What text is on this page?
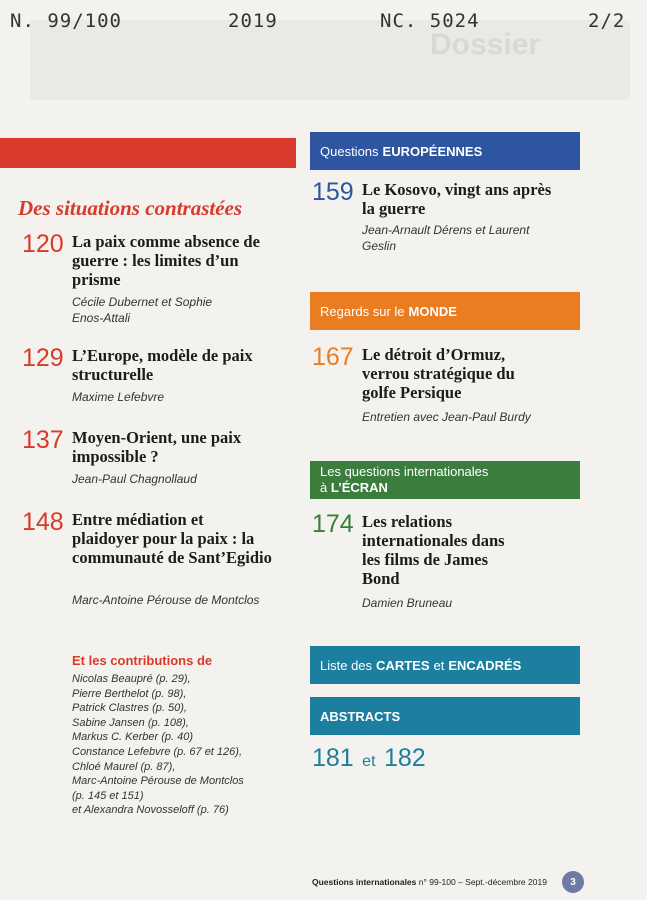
Dossier
N. 99/100	2019	NC. 5024	2/2
Des situations contrastées
120 La paix comme absence de guerre : les limites d’un prisme
Cécile Dubernet et Sophie Enos-Attali
129 L’Europe, modèle de paix structurelle
Maxime Lefebvre
137 Moyen-Orient, une paix impossible ?
Jean-Paul Chagnollaud
148 Entre médiation et plaidoyer pour la paix : la communauté de Sant’Egidio
Marc-Antoine Pérouse de Montclos
Et les contributions de
Nicolas Beaupré (p. 29),
Pierre Berthelot (p. 98),
Patrick Clastres (p. 50),
Sabine Jansen (p. 108),
Markus C. Kerber (p. 40)
Constance Lefebvre (p. 67 et 126),
Chloé Maurel (p. 87),
Marc-Antoine Pérouse de Montclos
(p. 145 et 151)
et Alexandra Novosseloff (p. 76)
Questions EUROPÉENNES
159 Le Kosovo, vingt ans après la guerre
Jean-Arnault Dérens et Laurent Geslin
Regards sur le MONDE
167 Le détroit d’Ormuz, verrou stratégique du golfe Persique
Entretien avec Jean-Paul Burdy
Les questions internationales
à L’ÉCRAN
174 Les relations internationales dans les films de James Bond
Damien Bruneau
Liste des CARTES et ENCADRÉS
ABSTRACTS
181 et 182
Questions internationales n° 99-100 – Sept.-décembre 2019	3
